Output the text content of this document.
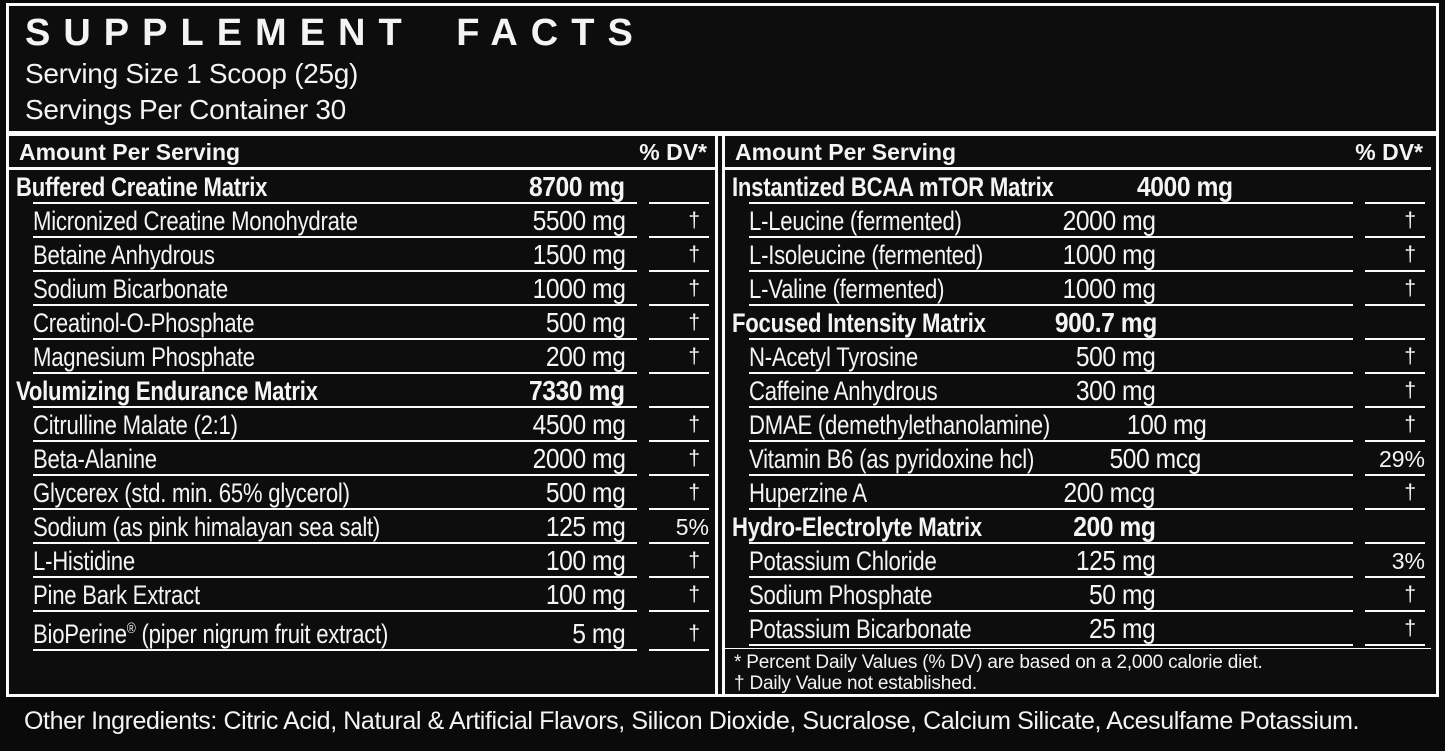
SUPPLEMENT FACTS
Serving Size 1 Scoop (25g)
Servings Per Container 30
Amount Per Serving	% DV*
Buffered Creatine Matrix	8700 mg
Micronized Creatine Monohydrate	5500 mg	†
Betaine Anhydrous	1500 mg	†
Sodium Bicarbonate	1000 mg	†
Creatinol-O-Phosphate	500 mg	†
Magnesium Phosphate	200 mg	†
Volumizing Endurance Matrix	7330 mg
Citrulline Malate (2:1)	4500 mg	†
Beta-Alanine	2000 mg	†
Glycerex (std. min. 65% glycerol)	500 mg	†
Sodium (as pink himalayan sea salt)	125 mg	5%
L-Histidine	100 mg	†
Pine Bark Extract	100 mg	†
BioPerine® (piper nigrum fruit extract)	5 mg	†
Amount Per Serving	% DV*
Instantized BCAA mTOR Matrix	4000 mg
L-Leucine (fermented)	2000 mg	†
L-Isoleucine (fermented)	1000 mg	†
L-Valine (fermented)	1000 mg	†
Focused Intensity Matrix 900.7 mg
N-Acetyl Tyrosine	500 mg	†
Caffeine Anhydrous	300 mg	†
DMAE (demethylethanolamine)	100 mg	†
Vitamin B6 (as pyridoxine hcl)	500 mcg	29%
Huperzine A	200 mcg	†
Hydro-Electrolyte Matrix	200 mg
Potassium Chloride	125 mg	3%
Sodium Phosphate	50 mg	†
Potassium Bicarbonate	25 mg	†
* Percent Daily Values (% DV) are based on a 2,000 calorie diet.
† Daily Value not established.
Other Ingredients: Citric Acid, Natural & Artificial Flavors, Silicon Dioxide, Sucralose, Calcium Silicate, Acesulfame Potassium.
